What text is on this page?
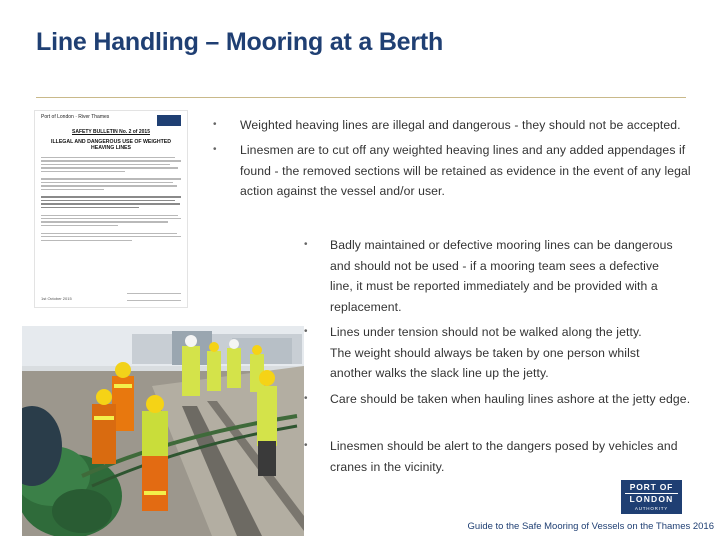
Line Handling – Mooring at a Berth
Port of London · River Thames
SAFETY BULLETIN No. 2 of 2015
ILLEGAL AND DANGEROUS USE OF WEIGHTED HEAVING LINES
1st October 2015
•	Weighted heaving lines are illegal and dangerous - they should not be accepted.
•	Linesmen are to cut off any weighted heaving lines and any added appendages if found - the removed sections will be retained as evidence in the event of any legal action against the vessel and/or user.
•	Badly maintained or defective mooring lines can be dangerous and should not be used - if a mooring team sees a defective line, it must be reported immediately and be provided with a replacement.
•	Lines under tension should not be walked along the jetty. The weight should always be taken by one person whilst another walks the slack line up the jetty.
•	Care should be taken when hauling lines ashore at the jetty edge.
•	Linesmen should be alert to the dangers posed by vehicles and cranes in the vicinity.
PORT OF
LONDON
AUTHORITY
Guide to the Safe Mooring of Vessels on the Thames 2016
